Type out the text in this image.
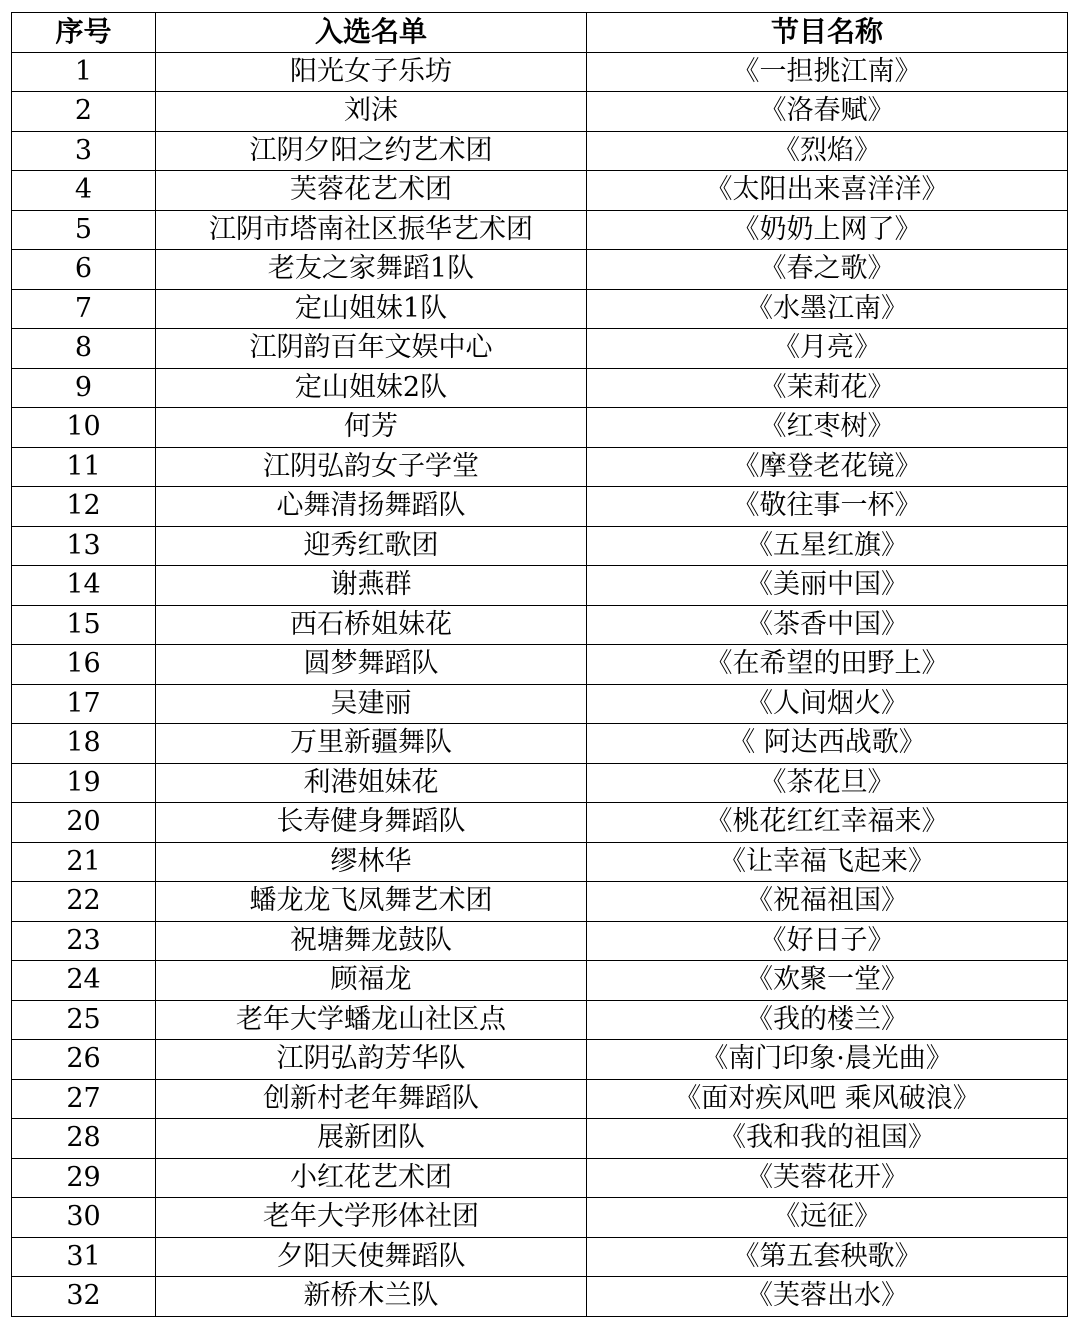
序号	入选名单	节目名称
1	阳光女子乐坊	《一担挑江南》
2	刘沫	《洛春赋》
3	江阴夕阳之约艺术团	《烈焰》
4	芙蓉花艺术团	《太阳出来喜洋洋》
5	江阴市塔南社区振华艺术团	《奶奶上网了》
6	老友之家舞蹈1队	《春之歌》
7	定山姐妹1队	《水墨江南》
8	江阴韵百年文娱中心	《月亮》
9	定山姐妹2队	《茉莉花》
10	何芳	《红枣树》
11	江阴弘韵女子学堂	《摩登老花镜》
12	心舞清扬舞蹈队	《敬往事一杯》
13	迎秀红歌团	《五星红旗》
14	谢燕群	《美丽中国》
15	西石桥姐妹花	《茶香中国》
16	圆梦舞蹈队	《在希望的田野上》
17	吴建丽	《人间烟火》
18	万里新疆舞队	《 阿达西战歌》
19	利港姐妹花	《茶花旦》
20	长寿健身舞蹈队	《桃花红红幸福来》
21	缪林华	《让幸福飞起来》
22	蟠龙龙飞凤舞艺术团	《祝福祖国》
23	祝塘舞龙鼓队	《好日子》
24	顾福龙	《欢聚一堂》
25	老年大学蟠龙山社区点	《我的楼兰》
26	江阴弘韵芳华队	《南门印象·晨光曲》
27	创新村老年舞蹈队	《面对疾风吧 乘风破浪》
28	展新团队	《我和我的祖国》
29	小红花艺术团	《芙蓉花开》
30	老年大学形体社团	《远征》
31	夕阳天使舞蹈队	《第五套秧歌》
32	新桥木兰队	《芙蓉出水》
